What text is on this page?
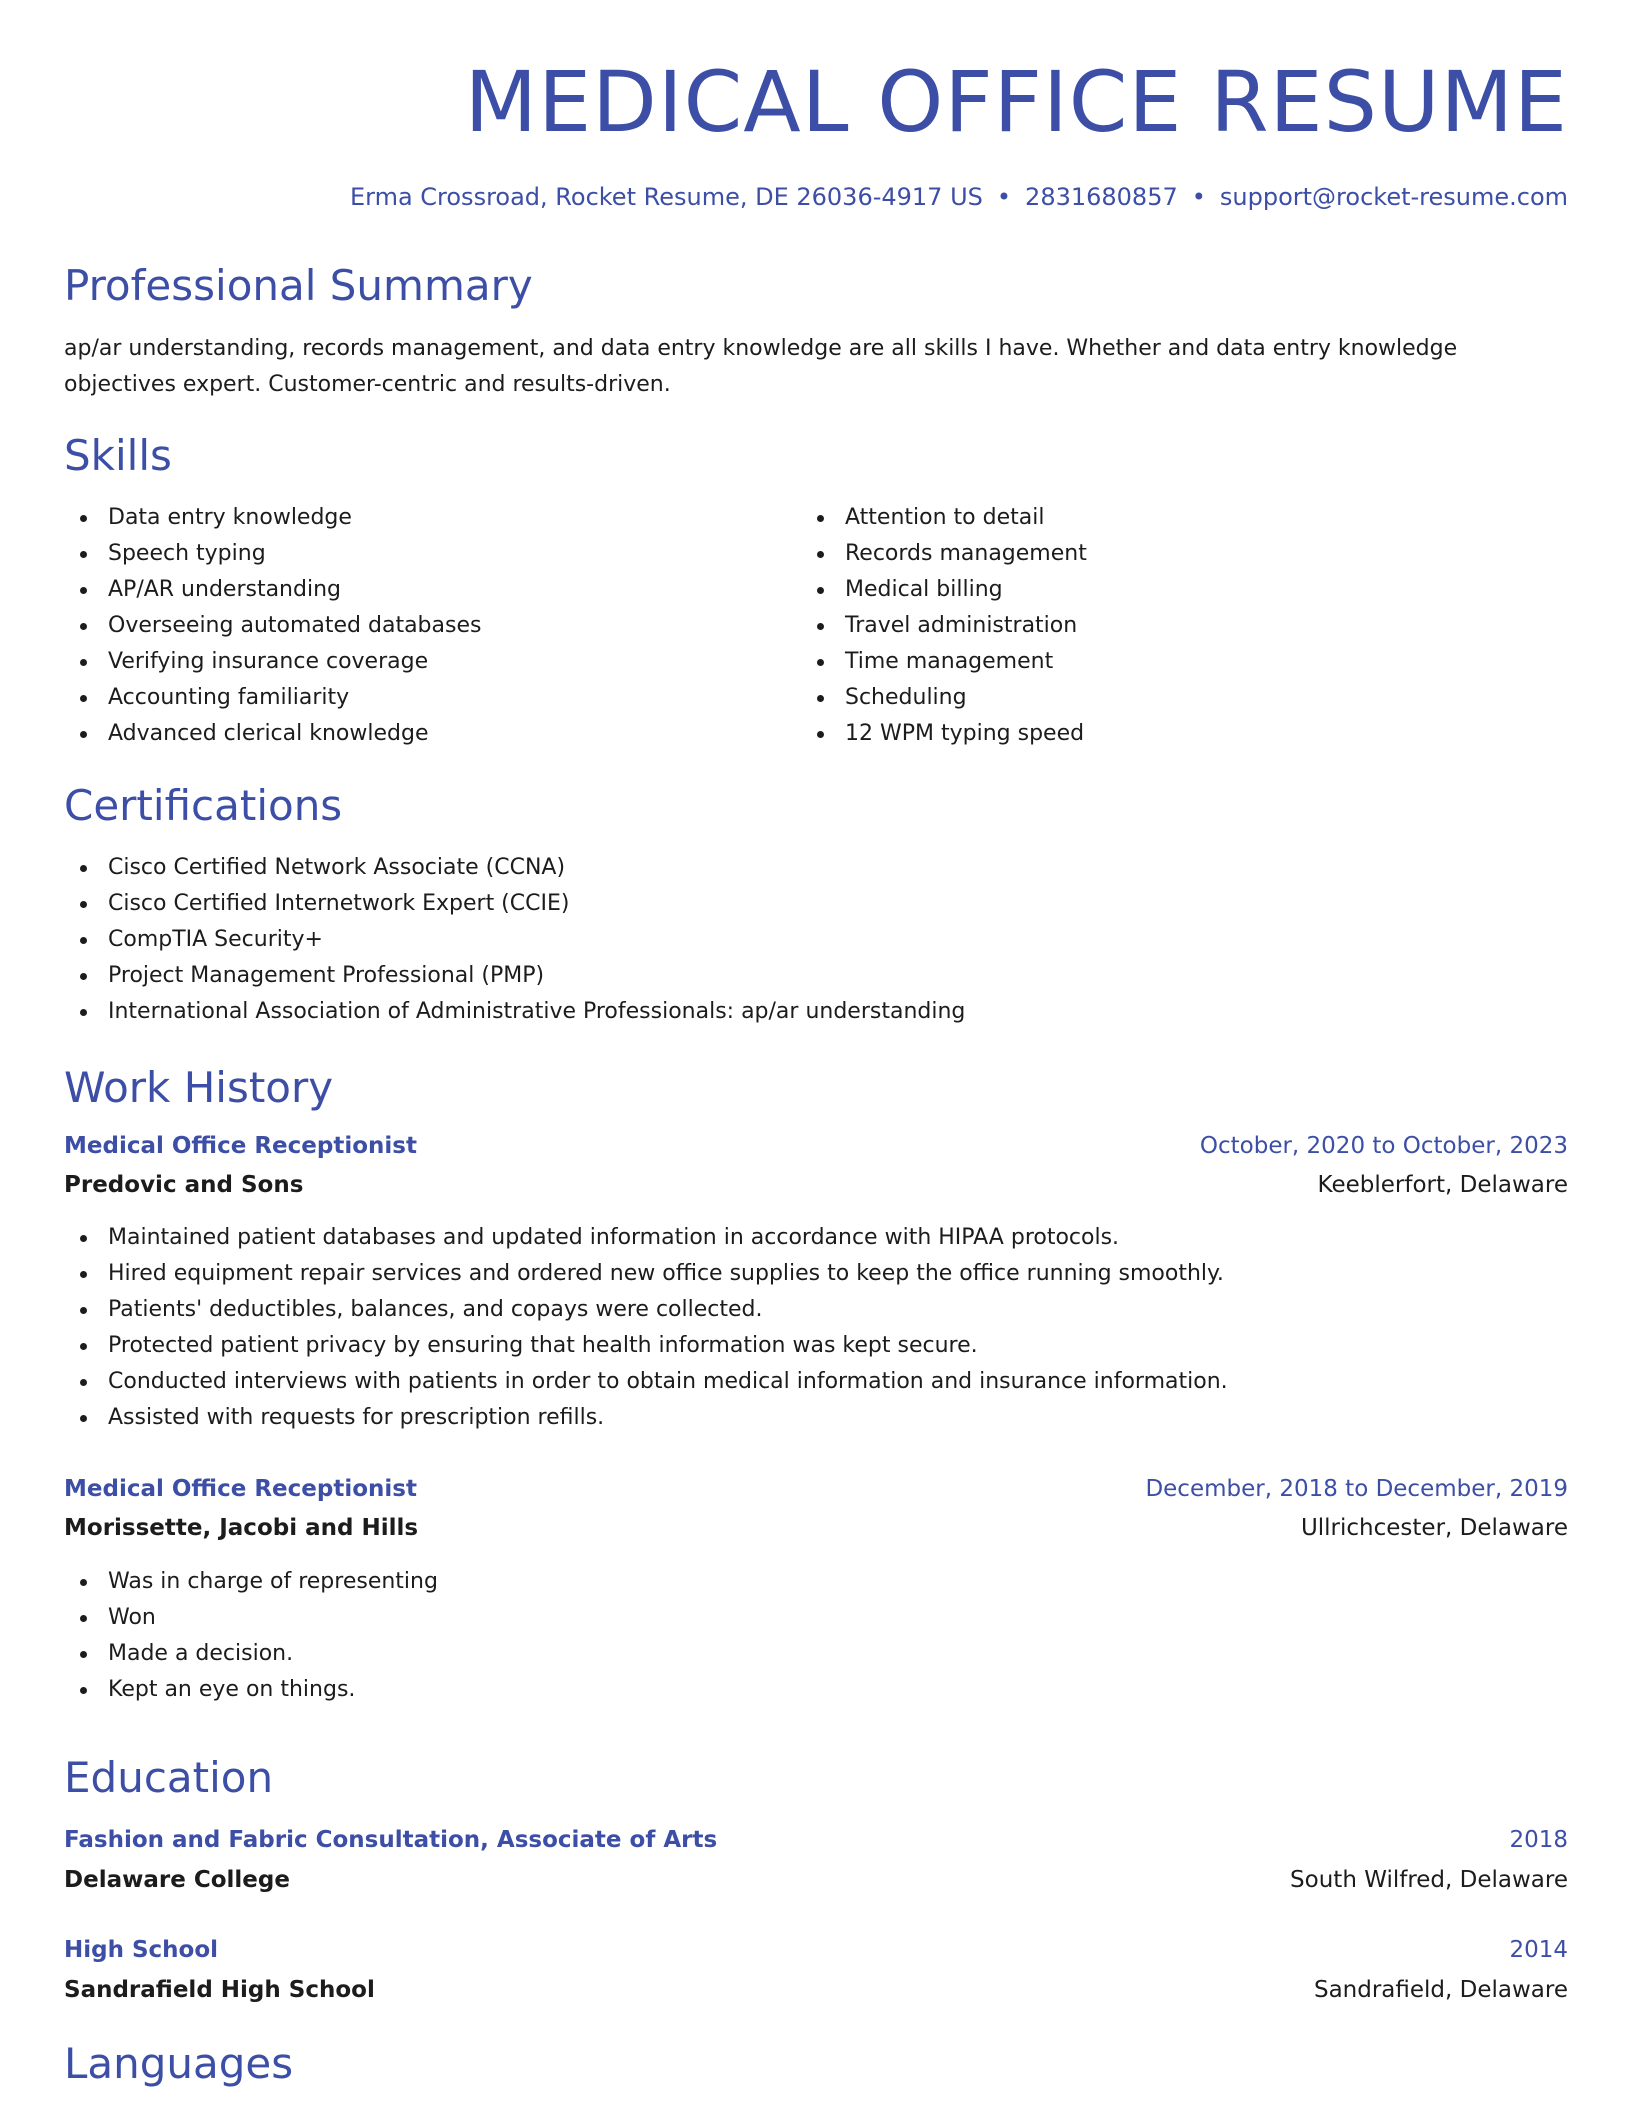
MEDICAL OFFICE RESUME
Erma Crossroad, Rocket Resume, DE 26036-4917 US • 2831680857 • support@rocket-resume.com
Professional Summary
ap/ar understanding, records management, and data entry knowledge are all skills I have. Whether and data entry knowledge objectives expert. Customer-centric and results-driven.
Skills
Data entry knowledge
Speech typing
AP/AR understanding
Overseeing automated databases
Verifying insurance coverage
Accounting familiarity
Advanced clerical knowledge
Attention to detail
Records management
Medical billing
Travel administration
Time management
Scheduling
12 WPM typing speed
Certifications
Cisco Certified Network Associate (CCNA)
Cisco Certified Internetwork Expert (CCIE)
CompTIA Security+
Project Management Professional (PMP)
International Association of Administrative Professionals: ap/ar understanding
Work History
Medical Office Receptionist	October, 2020 to October, 2023
Predovic and Sons	Keeblerfort, Delaware
Maintained patient databases and updated information in accordance with HIPAA protocols.
Hired equipment repair services and ordered new office supplies to keep the office running smoothly.
Patients' deductibles, balances, and copays were collected.
Protected patient privacy by ensuring that health information was kept secure.
Conducted interviews with patients in order to obtain medical information and insurance information.
Assisted with requests for prescription refills.
Medical Office Receptionist	December, 2018 to December, 2019
Morissette, Jacobi and Hills	Ullrichcester, Delaware
Was in charge of representing
Won
Made a decision.
Kept an eye on things.
Education
Fashion and Fabric Consultation, Associate of Arts	2018
Delaware College	South Wilfred, Delaware
High School	2014
Sandrafield High School	Sandrafield, Delaware
Languages
